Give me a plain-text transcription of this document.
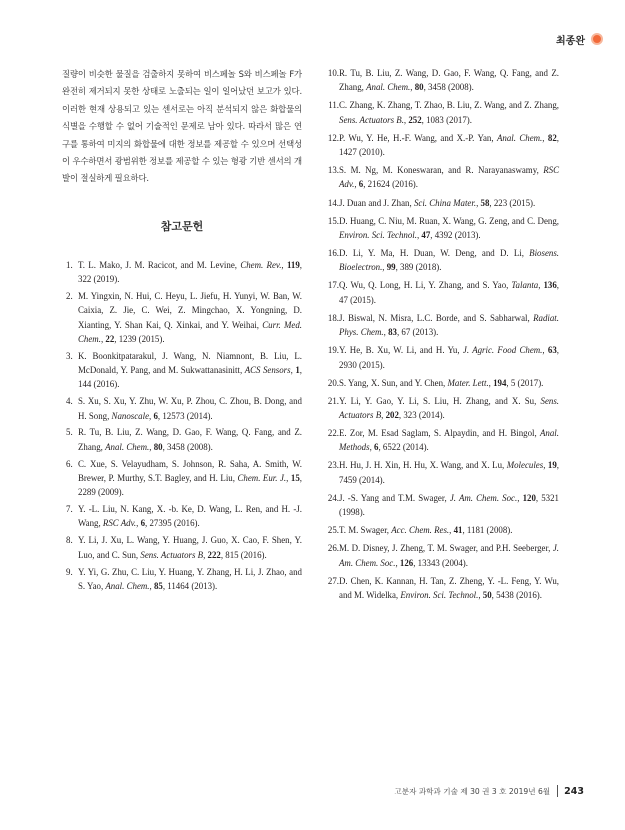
최종완

질량이 비슷한 물질을 검출하지 못하여 비스페놀 S와 비스페놀 F가 완전히 제거되지 못한 상태로 노출되는 일이 일어났던 보고가 있다. 이러한 현재 상용되고 있는 센서로는 아직 분석되지 않은 화합물의 식별을 수행할 수 없어 기술적인 문제로 남아 있다. 따라서 많은 연구를 통하여 미지의 화합물에 대한 정보를 제공할 수 있으며 선택성이 우수하면서 광범위한 정보를 제공할 수 있는 형광 기반 센서의 개발이 절실하게 필요하다.

참고문헌
1. T. L. Mako, J. M. Racicot, and M. Levine, Chem. Rev., 119, 322 (2019).
2. M. Yingxin, N. Hui, C. Heyu, L. Jiefu, H. Yunyi, W. Ban, W. Caixia, Z. Jie, C. Wei, Z. Mingchao, X. Yongning, D. Xianting, Y. Shan Kai, Q. Xinkai, and Y. Weihai, Curr. Med. Chem., 22, 1239 (2015).
3. K. Boonkitpatarakul, J. Wang, N. Niamnont, B. Liu, L. McDonald, Y. Pang, and M. Sukwattanasinitt, ACS Sensors, 1, 144 (2016).
4. S. Xu, S. Xu, Y. Zhu, W. Xu, P. Zhou, C. Zhou, B. Dong, and H. Song, Nanoscale, 6, 12573 (2014).
5. R. Tu, B. Liu, Z. Wang, D. Gao, F. Wang, Q. Fang, and Z. Zhang, Anal. Chem., 80, 3458 (2008).
6. C. Xue, S. Velayudham, S. Johnson, R. Saha, A. Smith, W. Brewer, P. Murthy, S.T. Bagley, and H. Liu, Chem. Eur. J., 15, 2289 (2009).
7. Y. -L. Liu, N. Kang, X. -b. Ke, D. Wang, L. Ren, and H. -J. Wang, RSC Adv., 6, 27395 (2016).
8. Y. Li, J. Xu, L. Wang, Y. Huang, J. Guo, X. Cao, F. Shen, Y. Luo, and C. Sun, Sens. Actuators B, 222, 815 (2016).
9. Y. Yi, G. Zhu, C. Liu, Y. Huang, Y. Zhang, H. Li, J. Zhao, and S. Yao, Anal. Chem., 85, 11464 (2013).
10. R. Tu, B. Liu, Z. Wang, D. Gao, F. Wang, Q. Fang, and Z. Zhang, Anal. Chem., 80, 3458 (2008).
11. C. Zhang, K. Zhang, T. Zhao, B. Liu, Z. Wang, and Z. Zhang, Sens. Actuators B., 252, 1083 (2017).
12. P. Wu, Y. He, H.-F. Wang, and X.-P. Yan, Anal. Chem., 82, 1427 (2010).
13. S. M. Ng, M. Koneswaran, and R. Narayanaswamy, RSC Adv., 6, 21624 (2016).
14. J. Duan and J. Zhan, Sci. China Mater., 58, 223 (2015).
15. D. Huang, C. Niu, M. Ruan, X. Wang, G. Zeng, and C. Deng, Environ. Sci. Technol., 47, 4392 (2013).
16. D. Li, Y. Ma, H. Duan, W. Deng, and D. Li, Biosens. Bioelectron., 99, 389 (2018).
17. Q. Wu, Q. Long, H. Li, Y. Zhang, and S. Yao, Talanta, 136, 47 (2015).
18. J. Biswal, N. Misra, L.C. Borde, and S. Sabharwal, Radiat. Phys. Chem., 83, 67 (2013).
19. Y. He, B. Xu, W. Li, and H. Yu, J. Agric. Food Chem., 63, 2930 (2015).
20. S. Yang, X. Sun, and Y. Chen, Mater. Lett., 194, 5 (2017).
21. Y. Li, Y. Gao, Y. Li, S. Liu, H. Zhang, and X. Su, Sens. Actuators B, 202, 323 (2014).
22. E. Zor, M. Esad Saglam, S. Alpaydin, and H. Bingol, Anal. Methods, 6, 6522 (2014).
23. H. Hu, J. H. Xin, H. Hu, X. Wang, and X. Lu, Molecules, 19, 7459 (2014).
24. J. -S. Yang and T.M. Swager, J. Am. Chem. Soc., 120, 5321 (1998).
25. T. M. Swager, Acc. Chem. Res., 41, 1181 (2008).
26. M. D. Disney, J. Zheng, T. M. Swager, and P.H. Seeberger, J. Am. Chem. Soc., 126, 13343 (2004).
27. D. Chen, K. Kannan, H. Tan, Z. Zheng, Y. -L. Feng, Y. Wu, and M. Widelka, Environ. Sci. Technol., 50, 5438 (2016).
고분자 과학과 기술 제 30 권 3 호 2019년 6월 243
